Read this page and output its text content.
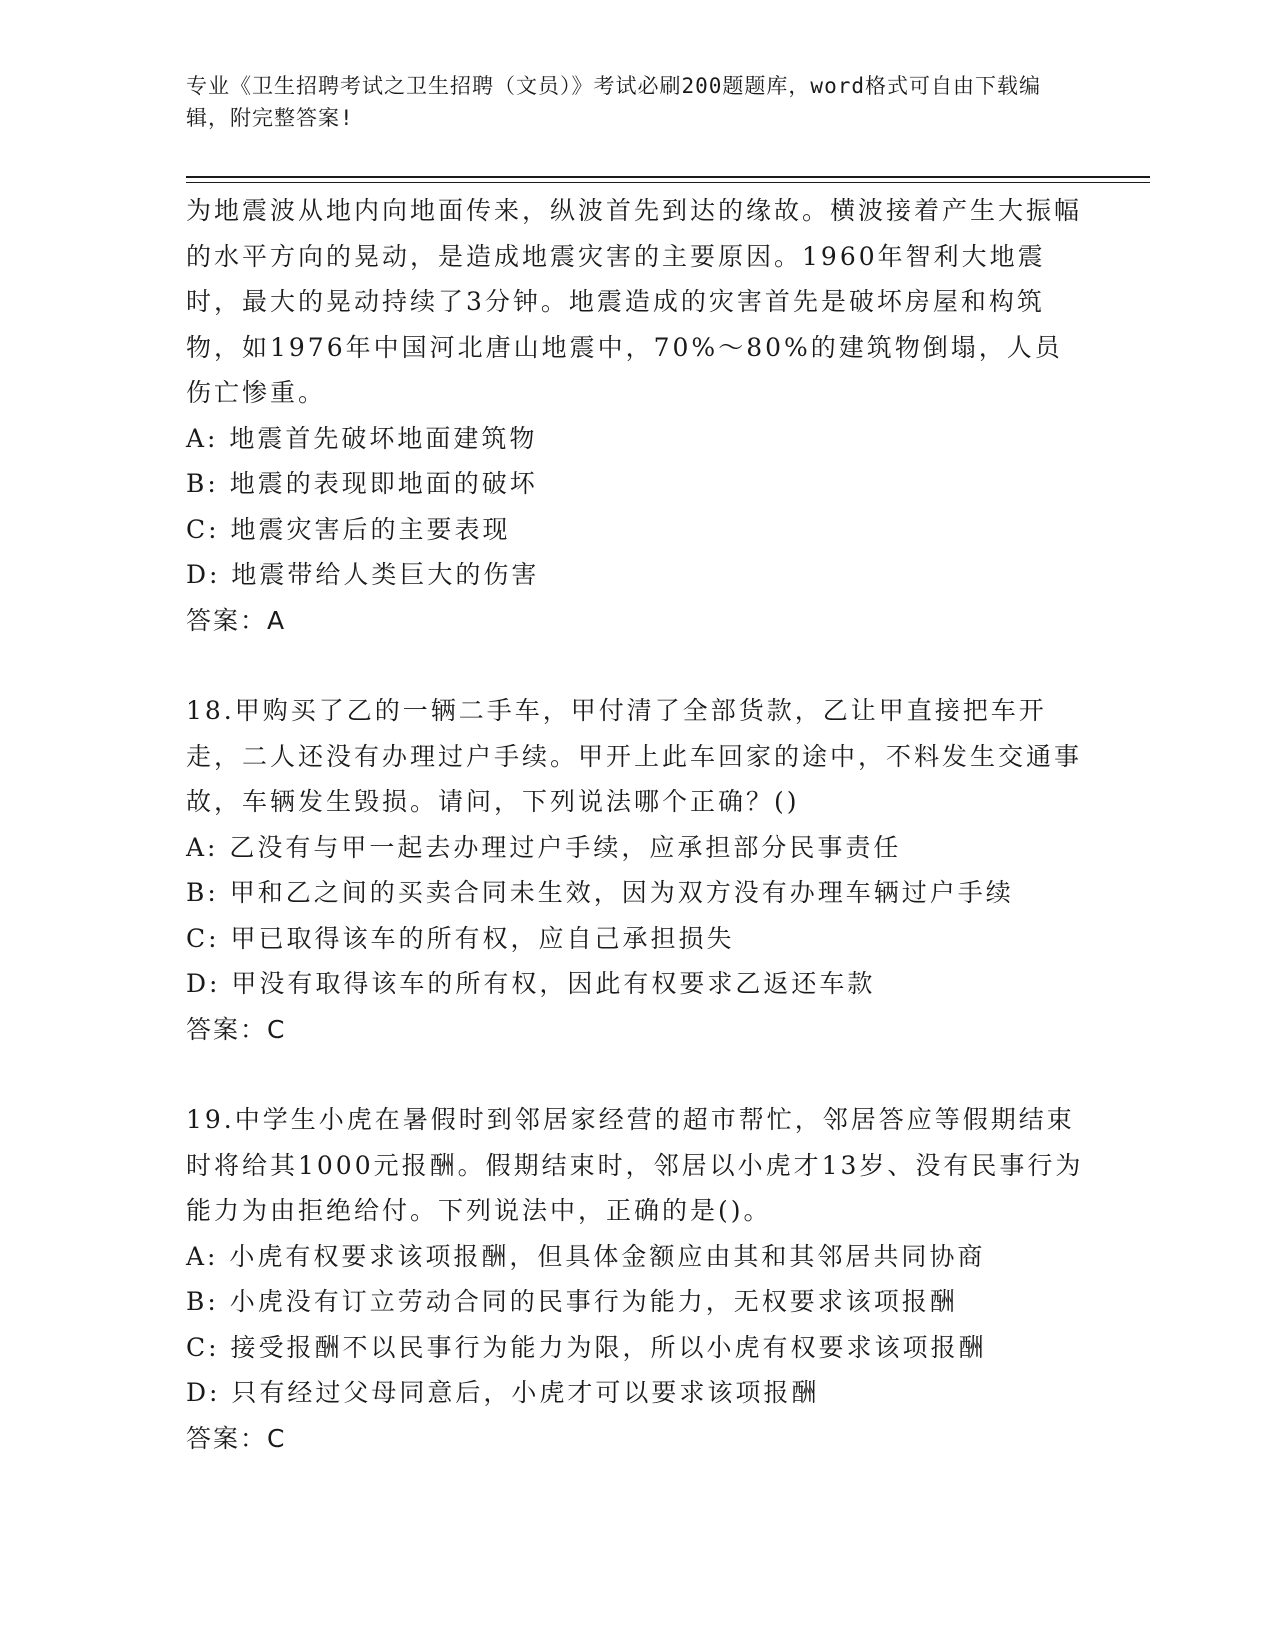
专业《卫生招聘考试之卫生招聘（文员）》考试必刷200题题库，word格式可自由下载编辑，附完整答案!

为地震波从地内向地面传来，纵波首先到达的缘故。横波接着产生大振幅的水平方向的晃动，是造成地震灾害的主要原因。1960年智利大地震时，最大的晃动持续了3分钟。地震造成的灾害首先是破坏房屋和构筑物，如1976年中国河北唐山地震中，70%～80%的建筑物倒塌，人员伤亡惨重。

A: 地震首先破坏地面建筑物

B: 地震的表现即地面的破坏

C: 地震灾害后的主要表现

D: 地震带给人类巨大的伤害

答案：A

18.甲购买了乙的一辆二手车，甲付清了全部货款，乙让甲直接把车开走，二人还没有办理过户手续。甲开上此车回家的途中，不料发生交通事故，车辆发生毁损。请问，下列说法哪个正确？()

A: 乙没有与甲一起去办理过户手续，应承担部分民事责任

B: 甲和乙之间的买卖合同未生效，因为双方没有办理车辆过户手续

C: 甲已取得该车的所有权，应自己承担损失

D: 甲没有取得该车的所有权，因此有权要求乙返还车款

答案：C

19.中学生小虎在暑假时到邻居家经营的超市帮忙，邻居答应等假期结束时将给其1000元报酬。假期结束时，邻居以小虎才13岁、没有民事行为能力为由拒绝给付。下列说法中，正确的是()。

A: 小虎有权要求该项报酬，但具体金额应由其和其邻居共同协商

B: 小虎没有订立劳动合同的民事行为能力，无权要求该项报酬

C: 接受报酬不以民事行为能力为限，所以小虎有权要求该项报酬

D: 只有经过父母同意后，小虎才可以要求该项报酬

答案：C
